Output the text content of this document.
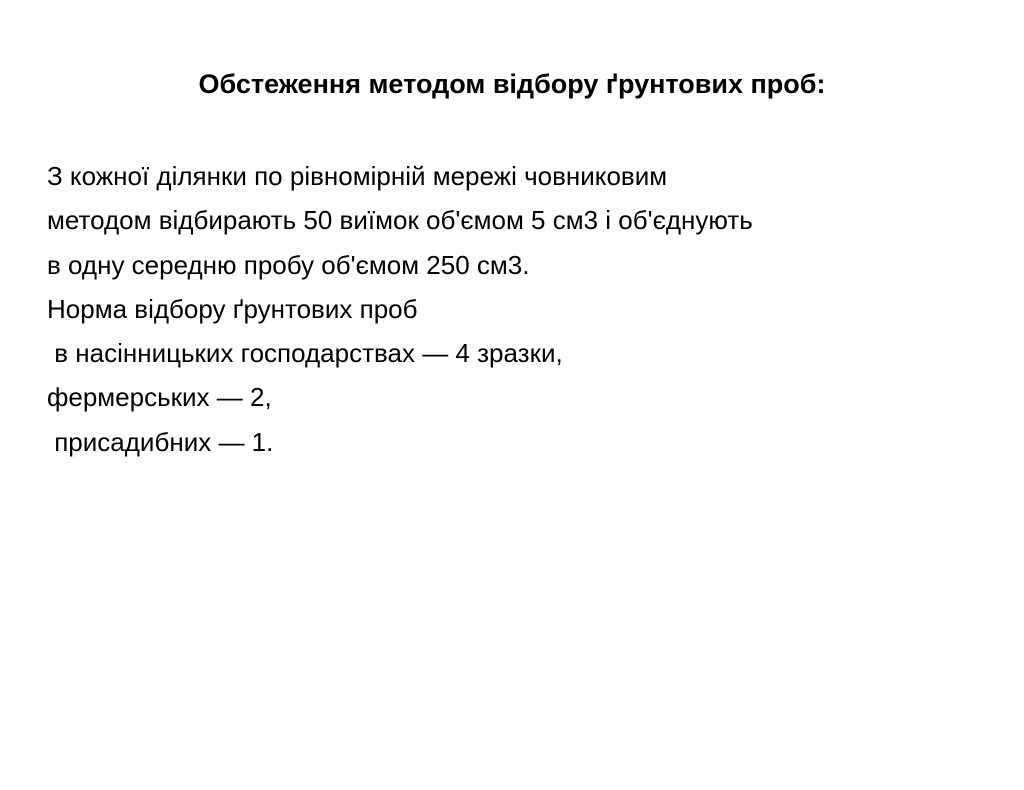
Обстеження методом відбору ґрунтових проб:
З кожної ділянки по рівномірній мережі човниковим
методом відбирають 50 виїмок об'ємом 5 см3 і об'єднують
в одну середню пробу об'ємом 250 см3.
Норма відбору ґрунтових проб
в насінницьких господарствах — 4 зразки,
фермерських — 2,
присадибних — 1.
